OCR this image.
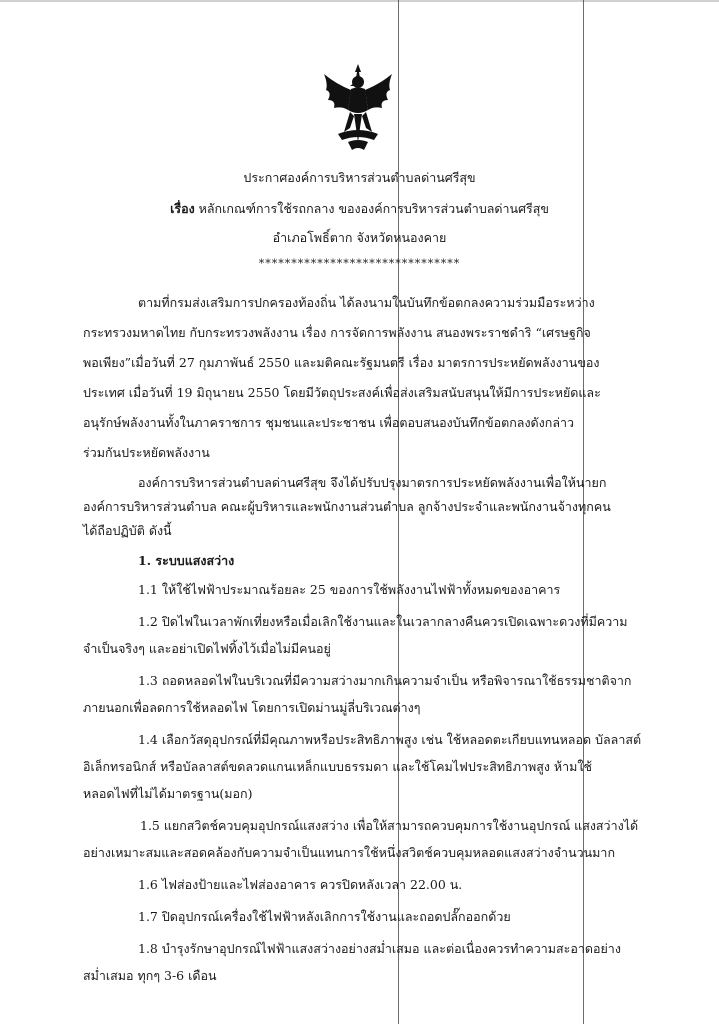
ประกาศองค์การบริหารส่วนตำบลด่านศรีสุข
เรื่อง หลักเกณฑ์การใช้รถกลาง ขององค์การบริหารส่วนตำบลด่านศรีสุข
อำเภอโพธิ์ตาก จังหวัดหนองคาย
*******************************
ตามที่กรมส่งเสริมการปกครองท้องถิ่น ได้ลงนามในบันทึกข้อตกลงความร่วมมือระหว่าง
กระทรวงมหาดไทย กับกระทรวงพลังงาน เรื่อง การจัดการพลังงาน สนองพระราชดำริ “เศรษฐกิจ
พอเพียง”เมื่อวันที่ 27 กุมภาพันธ์ 2550 และมติคณะรัฐมนตรี เรื่อง มาตรการประหยัดพลังงานของ
ประเทศ เมื่อวันที่ 19 มิถุนายน 2550 โดยมีวัตถุประสงค์เพื่อส่งเสริมสนับสนุนให้มีการประหยัดและ
อนุรักษ์พลังงานทั้งในภาคราชการ ชุมชนและประชาชน เพื่อตอบสนองบันทึกข้อตกลงดังกล่าว
ร่วมกันประหยัดพลังงาน
องค์การบริหารส่วนตำบลด่านศรีสุข จึงได้ปรับปรุงมาตรการประหยัดพลังงานเพื่อให้นายก
องค์การบริหารส่วนตำบล คณะผู้บริหารและพนักงานส่วนตำบล ลูกจ้างประจำและพนักงานจ้างทุกคน
ได้ถือปฏิบัติ ดังนี้
1. ระบบแสงสว่าง
1.1 ให้ใช้ไฟฟ้าประมาณร้อยละ 25 ของการใช้พลังงานไฟฟ้าทั้งหมดของอาคาร
1.2 ปิดไฟในเวลาพักเที่ยงหรือเมื่อเลิกใช้งานและในเวลากลางคืนควรเปิดเฉพาะดวงที่มีความ
จำเป็นจริงๆ และอย่าเปิดไฟทิ้งไว้เมื่อไม่มีคนอยู่
1.3 ถอดหลอดไฟในบริเวณที่มีความสว่างมากเกินความจำเป็น หรือพิจารณาใช้ธรรมชาติจาก
ภายนอกเพื่อลดการใช้หลอดไฟ โดยการเปิดม่านมู่ลี่บริเวณต่างๆ
1.4 เลือกวัสดุอุปกรณ์ที่มีคุณภาพหรือประสิทธิภาพสูง เช่น ใช้หลอดตะเกียบแทนหลอด บัลลาสต์
อิเล็กทรอนิกส์ หรือบัลลาสต์ขดลวดแกนเหล็กแบบธรรมดา และใช้โคมไฟประสิทธิภาพสูง ห้ามใช้
หลอดไฟที่ไม่ได้มาตรฐาน(มอก)
1.5 แยกสวิตช์ควบคุมอุปกรณ์แสงสว่าง เพื่อให้สามารถควบคุมการใช้งานอุปกรณ์ แสงสว่างได้
อย่างเหมาะสมและสอดคล้องกับความจำเป็นแทนการใช้หนึ่งสวิตช์ควบคุมหลอดแสงสว่างจำนวนมาก
1.6 ไฟส่องป้ายและไฟส่องอาคาร ควรปิดหลังเวลา 22.00 น.
1.7 ปิดอุปกรณ์เครื่องใช้ไฟฟ้าหลังเลิกการใช้งานและถอดปลั๊กออกด้วย
1.8 บำรุงรักษาอุปกรณ์ไฟฟ้าแสงสว่างอย่างสม่ำเสมอ และต่อเนื่องควรทำความสะอาดอย่าง
สม่ำเสมอ ทุกๆ 3-6 เดือน
